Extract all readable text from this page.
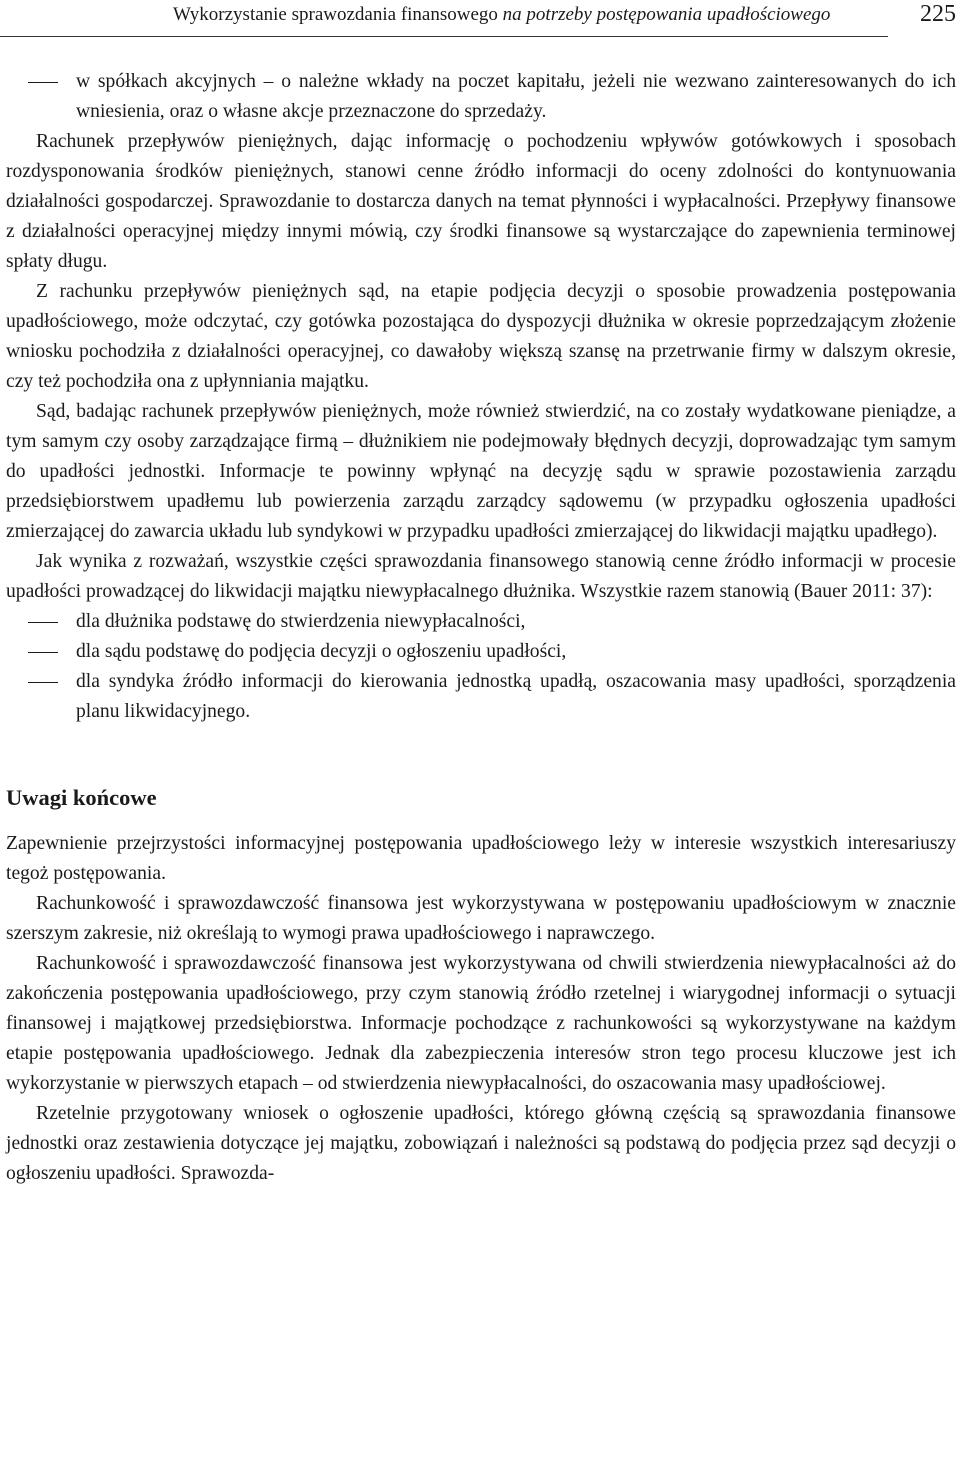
Wykorzystanie sprawozdania finansowego na potrzeby postępowania upadłościowego	225
w spółkach akcyjnych – o należne wkłady na poczet kapitału, jeżeli nie wezwano zainteresowanych do ich wniesienia, oraz o własne akcje przeznaczone do sprzedaży.

Rachunek przepływów pieniężnych, dając informację o pochodzeniu wpływów gotówkowych i sposobach rozdysponowania środków pieniężnych, stanowi cenne źródło informacji do oceny zdolności do kontynuowania działalności gospodarczej. Sprawozdanie to dostarcza danych na temat płynności i wypłacalności. Przepływy finansowe z działalności operacyjnej między innymi mówią, czy środki finansowe są wystarczające do zapewnienia terminowej spłaty długu.

Z rachunku przepływów pieniężnych sąd, na etapie podjęcia decyzji o sposobie prowadzenia postępowania upadłościowego, może odczytać, czy gotówka pozostająca do dyspozycji dłużnika w okresie poprzedzającym złożenie wniosku pochodziła z działalności operacyjnej, co dawałoby większą szansę na przetrwanie firmy w dalszym okresie, czy też pochodziła ona z upłynniania majątku.

Sąd, badając rachunek przepływów pieniężnych, może również stwierdzić, na co zostały wydatkowane pieniądze, a tym samym czy osoby zarządzające firmą – dłużnikiem nie podejmowały błędnych decyzji, doprowadzając tym samym do upadłości jednostki. Informacje te powinny wpłynąć na decyzję sądu w sprawie pozostawienia zarządu przedsiębiorstwem upadłemu lub powierzenia zarządu zarządcy sądowemu (w przypadku ogłoszenia upadłości zmierzającej do zawarcia układu lub syndykowi w przypadku upadłości zmierzającej do likwidacji majątku upadłego).

Jak wynika z rozważań, wszystkie części sprawozdania finansowego stanowią cenne źródło informacji w procesie upadłości prowadzącej do likwidacji majątku niewypłacalnego dłużnika. Wszystkie razem stanowią (Bauer 2011: 37):

dla dłużnika podstawę do stwierdzenia niewypłacalności,
dla sądu podstawę do podjęcia decyzji o ogłoszeniu upadłości,
dla syndyka źródło informacji do kierowania jednostką upadłą, oszacowania masy upadłości, sporządzenia planu likwidacyjnego.
Uwagi końcowe

Zapewnienie przejrzystości informacyjnej postępowania upadłościowego leży w interesie wszystkich interesariuszy tegoż postępowania.

Rachunkowość i sprawozdawczość finansowa jest wykorzystywana w postępowaniu upadłościowym w znacznie szerszym zakresie, niż określają to wymogi prawa upadłościowego i naprawczego.

Rachunkowość i sprawozdawczość finansowa jest wykorzystywana od chwili stwierdzenia niewypłacalności aż do zakończenia postępowania upadłościowego, przy czym stanowią źródło rzetelnej i wiarygodnej informacji o sytuacji finansowej i majątkowej przedsiębiorstwa. Informacje pochodzące z rachunkowości są wykorzystywane na każdym etapie postępowania upadłościowego. Jednak dla zabezpieczenia interesów stron tego procesu kluczowe jest ich wykorzystanie w pierwszych etapach – od stwierdzenia niewypłacalności, do oszacowania masy upadłościowej.

Rzetelnie przygotowany wniosek o ogłoszenie upadłości, którego główną częścią są sprawozdania finansowe jednostki oraz zestawienia dotyczące jej majątku, zobowiązań i należności są podstawą do podjęcia przez sąd decyzji o ogłoszeniu upadłości. Sprawozda-
